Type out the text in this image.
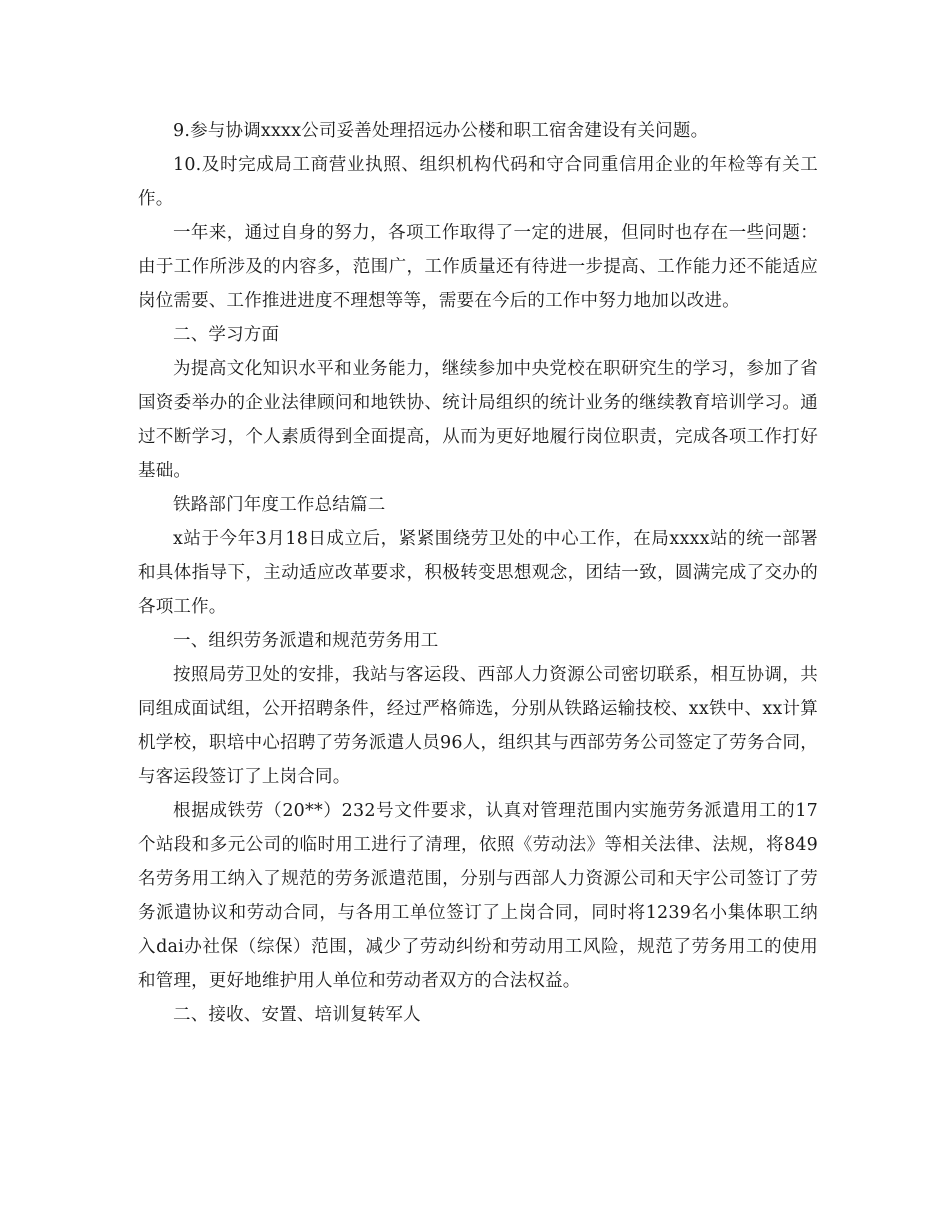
9.参与协调xxxx公司妥善处理招远办公楼和职工宿舍建设有关问题。

10.及时完成局工商营业执照、组织机构代码和守合同重信用企业的年检等有关工作。

一年来，通过自身的努力，各项工作取得了一定的进展，但同时也存在一些问题：由于工作所涉及的内容多，范围广，工作质量还有待进一步提高、工作能力还不能适应岗位需要、工作推进进度不理想等等，需要在今后的工作中努力地加以改进。

二、学习方面

为提高文化知识水平和业务能力，继续参加中央党校在职研究生的学习，参加了省国资委举办的企业法律顾问和地铁协、统计局组织的统计业务的继续教育培训学习。通过不断学习，个人素质得到全面提高，从而为更好地履行岗位职责，完成各项工作打好基础。

铁路部门年度工作总结篇二

x站于今年3月18日成立后，紧紧围绕劳卫处的中心工作，在局xxxx站的统一部署和具体指导下，主动适应改革要求，积极转变思想观念，团结一致，圆满完成了交办的各项工作。

一、组织劳务派遣和规范劳务用工

按照局劳卫处的安排，我站与客运段、西部人力资源公司密切联系，相互协调，共同组成面试组，公开招聘条件，经过严格筛选，分别从铁路运输技校、xx铁中、xx计算机学校，职培中心招聘了劳务派遣人员96人，组织其与西部劳务公司签定了劳务合同，与客运段签订了上岗合同。

根据成铁劳（20**）232号文件要求，认真对管理范围内实施劳务派遣用工的17个站段和多元公司的临时用工进行了清理，依照《劳动法》等相关法律、法规，将849名劳务用工纳入了规范的劳务派遣范围，分别与西部人力资源公司和天宇公司签订了劳务派遣协议和劳动合同，与各用工单位签订了上岗合同，同时将1239名小集体职工纳入dai办社保（综保）范围，减少了劳动纠纷和劳动用工风险，规范了劳务用工的使用和管理，更好地维护用人单位和劳动者双方的合法权益。

二、接收、安置、培训复转军人
